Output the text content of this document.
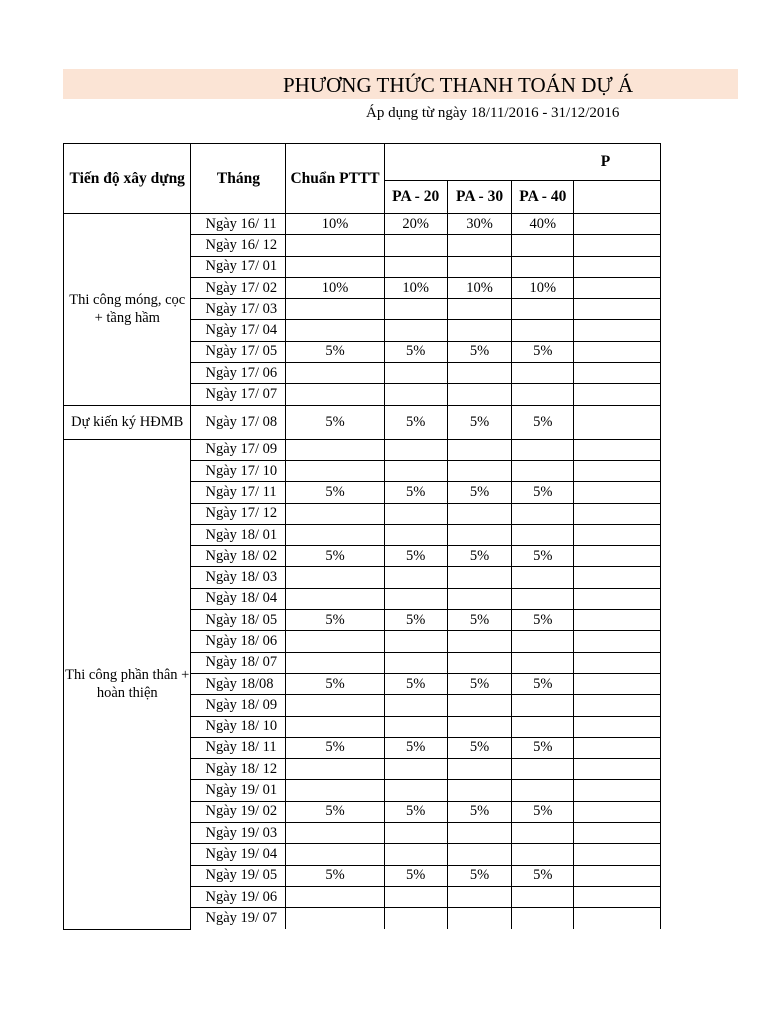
PHƯƠNG THỨC THANH TOÁN DỰ Á
Áp dụng từ ngày 18/11/2016 - 31/12/2016
Tiến độ xây dựng	Tháng	Chuẩn PTTT	P			
			PA - 20	PA - 30	PA - 40	
Thi công móng, cọc + tầng hầm	Ngày 16/ 11	10%	20%	30%	40%	
	Ngày 16/ 12					
	Ngày 17/ 01					
	Ngày 17/ 02	10%	10%	10%	10%	
	Ngày 17/ 03					
	Ngày 17/ 04					
	Ngày 17/ 05	5%	5%	5%	5%	
	Ngày 17/ 06					
	Ngày 17/ 07					
Dự kiến ký HĐMB	Ngày 17/ 08	5%	5%	5%	5%	
Thi công phần thân + hoàn thiện	Ngày 17/ 09					
	Ngày 17/ 10					
	Ngày 17/ 11	5%	5%	5%	5%	
	Ngày 17/ 12					
	Ngày 18/ 01					
	Ngày 18/ 02	5%	5%	5%	5%	
	Ngày 18/ 03					
	Ngày 18/ 04					
	Ngày 18/ 05	5%	5%	5%	5%	
	Ngày 18/ 06					
	Ngày 18/ 07					
	Ngày 18/08	5%	5%	5%	5%	
	Ngày 18/ 09					
	Ngày 18/ 10					
	Ngày 18/ 11	5%	5%	5%	5%	
	Ngày 18/ 12					
	Ngày 19/ 01					
	Ngày 19/ 02	5%	5%	5%	5%	
	Ngày 19/ 03					
	Ngày 19/ 04					
	Ngày 19/ 05	5%	5%	5%	5%	
	Ngày 19/ 06					
	Ngày 19/ 07					
